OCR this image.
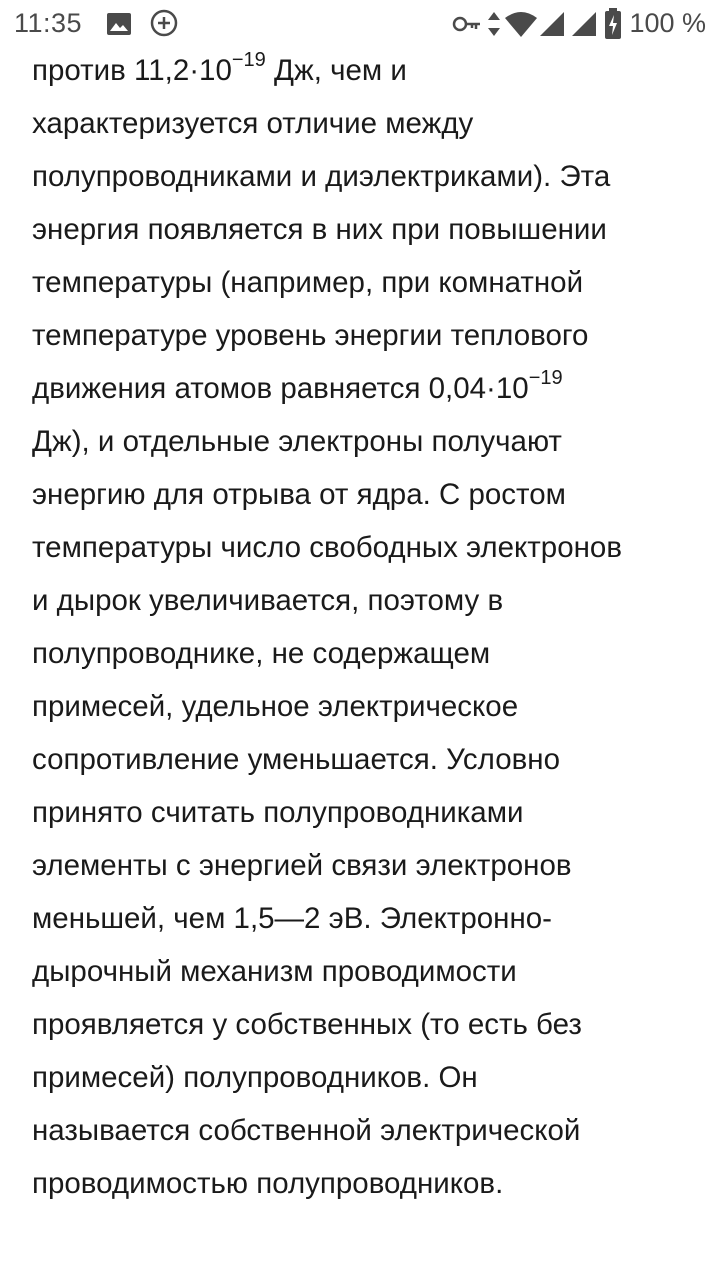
11:35	100 %
против $11,2\cdot 10^{-19}$ Дж, чем и
характеризуется отличие между
полупроводниками и диэлектриками). Эта
энергия появляется в них при повышении
температуры (например, при комнатной
температуре уровень энергии теплового
движения атомов равняется $0,04\cdot 10^{-19}$
Дж), и отдельные электроны получают
энергию для отрыва от ядра. С ростом
температуры число свободных электронов
и дырок увеличивается, поэтому в
полупроводнике, не содержащем
примесей, удельное электрическое
сопротивление уменьшается. Условно
принято считать полупроводниками
элементы с энергией связи электронов
меньшей, чем 1,5—2 эВ. Электронно-
дырочный механизм проводимости
проявляется у собственных (то есть без
примесей) полупроводников. Он
называется собственной электрической
проводимостью полупроводников.
